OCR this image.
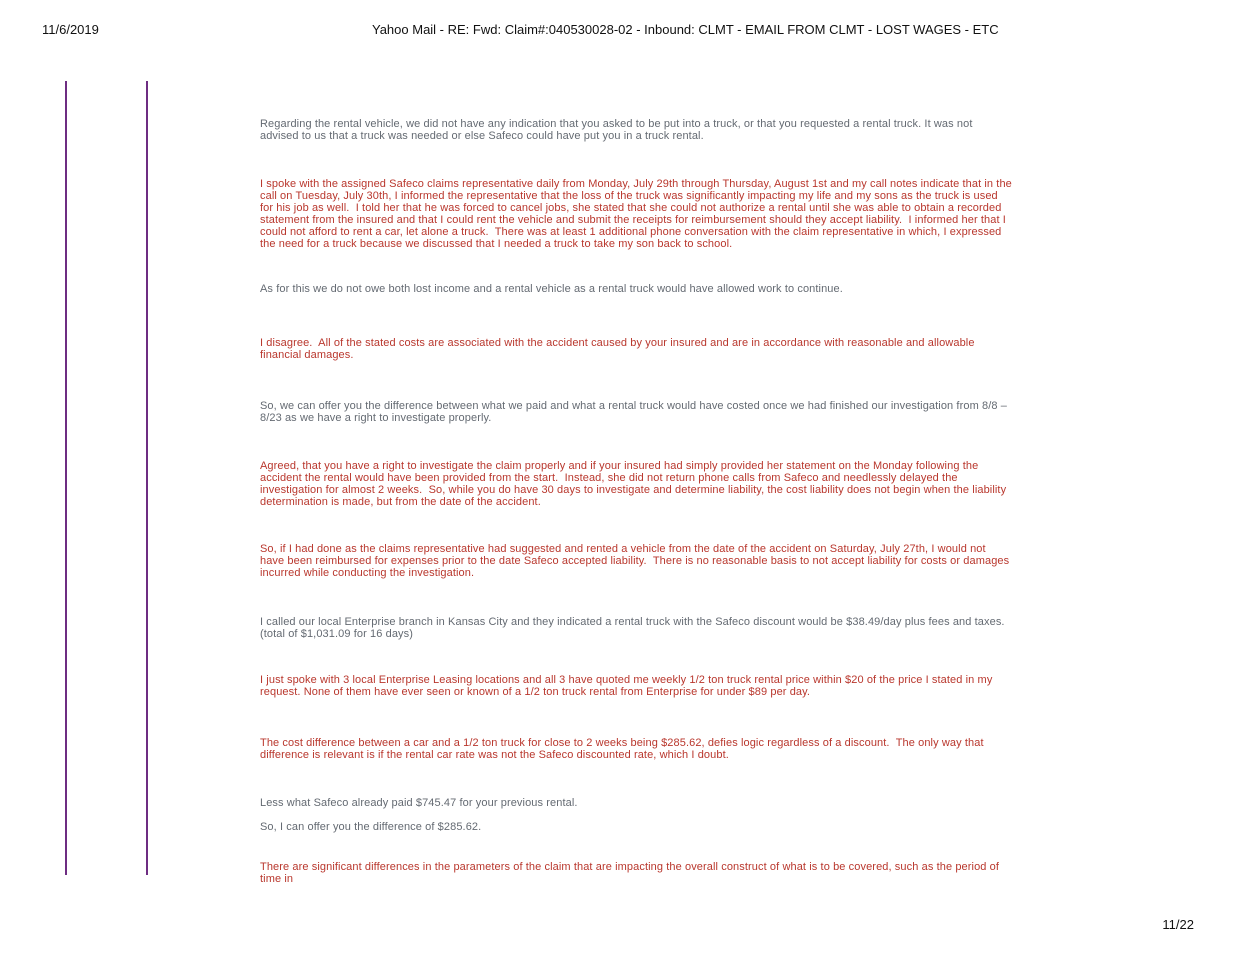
11/6/2019	Yahoo Mail - RE: Fwd: Claim#:040530028-02 - Inbound: CLMT - EMAIL FROM CLMT - LOST WAGES - ETC

Regarding the rental vehicle, we did not have any indication that you asked to be put into a truck, or that you requested a rental truck. It was not advised to us that a truck was needed or else Safeco could have put you in a truck rental.

I spoke with the assigned Safeco claims representative daily from Monday, July 29th through Thursday, August 1st and my call notes indicate that in the call on Tuesday, July 30th, I informed the representative that the loss of the truck was significantly impacting my life and my sons as the truck is used for his job as well.  I told her that he was forced to cancel jobs, she stated that she could not authorize a rental until she was able to obtain a recorded statement from the insured and that I could rent the vehicle and submit the receipts for reimbursement should they accept liability.  I informed her that I could not afford to rent a car, let alone a truck.  There was at least 1 additional phone conversation with the claim representative in which, I expressed the need for a truck because we discussed that I needed a truck to take my son back to school.

As for this we do not owe both lost income and a rental vehicle as a rental truck would have allowed work to continue.

I disagree.  All of the stated costs are associated with the accident caused by your insured and are in accordance with reasonable and allowable financial damages.

So, we can offer you the difference between what we paid and what a rental truck would have costed once we had finished our investigation from 8/8 – 8/23 as we have a right to investigate properly.

Agreed, that you have a right to investigate the claim properly and if your insured had simply provided her statement on the Monday following the accident the rental would have been provided from the start.  Instead, she did not return phone calls from Safeco and needlessly delayed the investigation for almost 2 weeks.  So, while you do have 30 days to investigate and determine liability, the cost liability does not begin when the liability determination is made, but from the date of the accident.

So, if I had done as the claims representative had suggested and rented a vehicle from the date of the accident on Saturday, July 27th, I would not have been reimbursed for expenses prior to the date Safeco accepted liability.  There is no reasonable basis to not accept liability for costs or damages incurred while conducting the investigation.

I called our local Enterprise branch in Kansas City and they indicated a rental truck with the Safeco discount would be $38.49/day plus fees and taxes. (total of $1,031.09 for 16 days)

I just spoke with 3 local Enterprise Leasing locations and all 3 have quoted me weekly 1/2 ton truck rental price within $20 of the price I stated in my request. None of them have ever seen or known of a 1/2 ton truck rental from Enterprise for under $89 per day.

The cost difference between a car and a 1/2 ton truck for close to 2 weeks being $285.62, defies logic regardless of a discount.  The only way that difference is relevant is if the rental car rate was not the Safeco discounted rate, which I doubt.

Less what Safeco already paid $745.47 for your previous rental.

So, I can offer you the difference of $285.62.

There are significant differences in the parameters of the claim that are impacting the overall construct of what is to be covered, such as the period of time in

11/22
